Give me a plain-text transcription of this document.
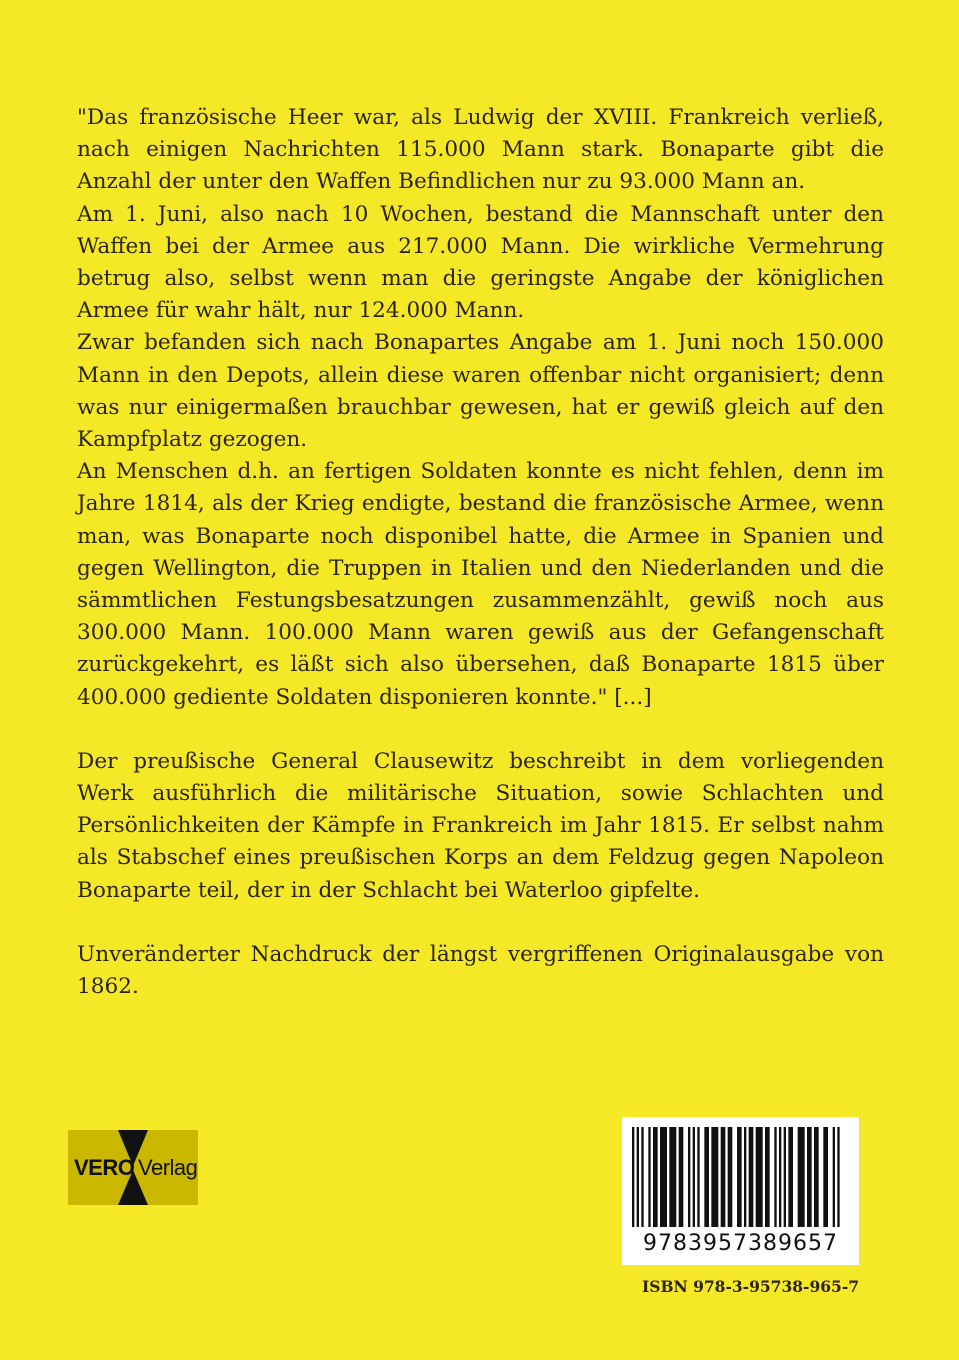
"Das französische Heer war, als Ludwig der XVIII. Frankreich verließ, nach einigen Nachrichten 115.000 Mann stark. Bonaparte gibt die Anzahl der unter den Waffen Befindlichen nur zu 93.000 Mann an.

Am 1. Juni, also nach 10 Wochen, bestand die Mannschaft unter den Waffen bei der Armee aus 217.000 Mann. Die wirkliche Vermehrung betrug also, selbst wenn man die geringste Angabe der königlichen Armee für wahr hält, nur 124.000 Mann.

Zwar befanden sich nach Bonapartes Angabe am 1. Juni noch 150.000 Mann in den Depots, allein diese waren offenbar nicht organisiert; denn was nur einigermaßen brauchbar gewesen, hat er gewiß gleich auf den Kampfplatz gezogen.

An Menschen d.h. an fertigen Soldaten konnte es nicht fehlen, denn im Jahre 1814, als der Krieg endigte, bestand die französische Armee, wenn man, was Bonaparte noch disponibel hatte, die Armee in Spanien und gegen Wellington, die Truppen in Italien und den Niederlanden und die sämmtlichen Festungsbesatzungen zusammenzählt, gewiß noch aus 300.000 Mann. 100.000 Mann waren gewiß aus der Gefangenschaft zurückgekehrt, es läßt sich also übersehen, daß Bonaparte 1815 über 400.000 gediente Soldaten disponieren konnte." [...]

Der preußische General Clausewitz beschreibt in dem vorliegenden Werk ausführlich die militärische Situation, sowie Schlachten und Persönlichkeiten der Kämpfe in Frankreich im Jahr 1815. Er selbst nahm als Stabschef eines preußischen Korps an dem Feldzug gegen Napoleon Bonaparte teil, der in der Schlacht bei Waterloo gipfelte.

Unveränderter Nachdruck der längst vergriffenen Originalausgabe von 1862.

VERO Verlag
9783957389657
ISBN 978-3-95738-965-7
